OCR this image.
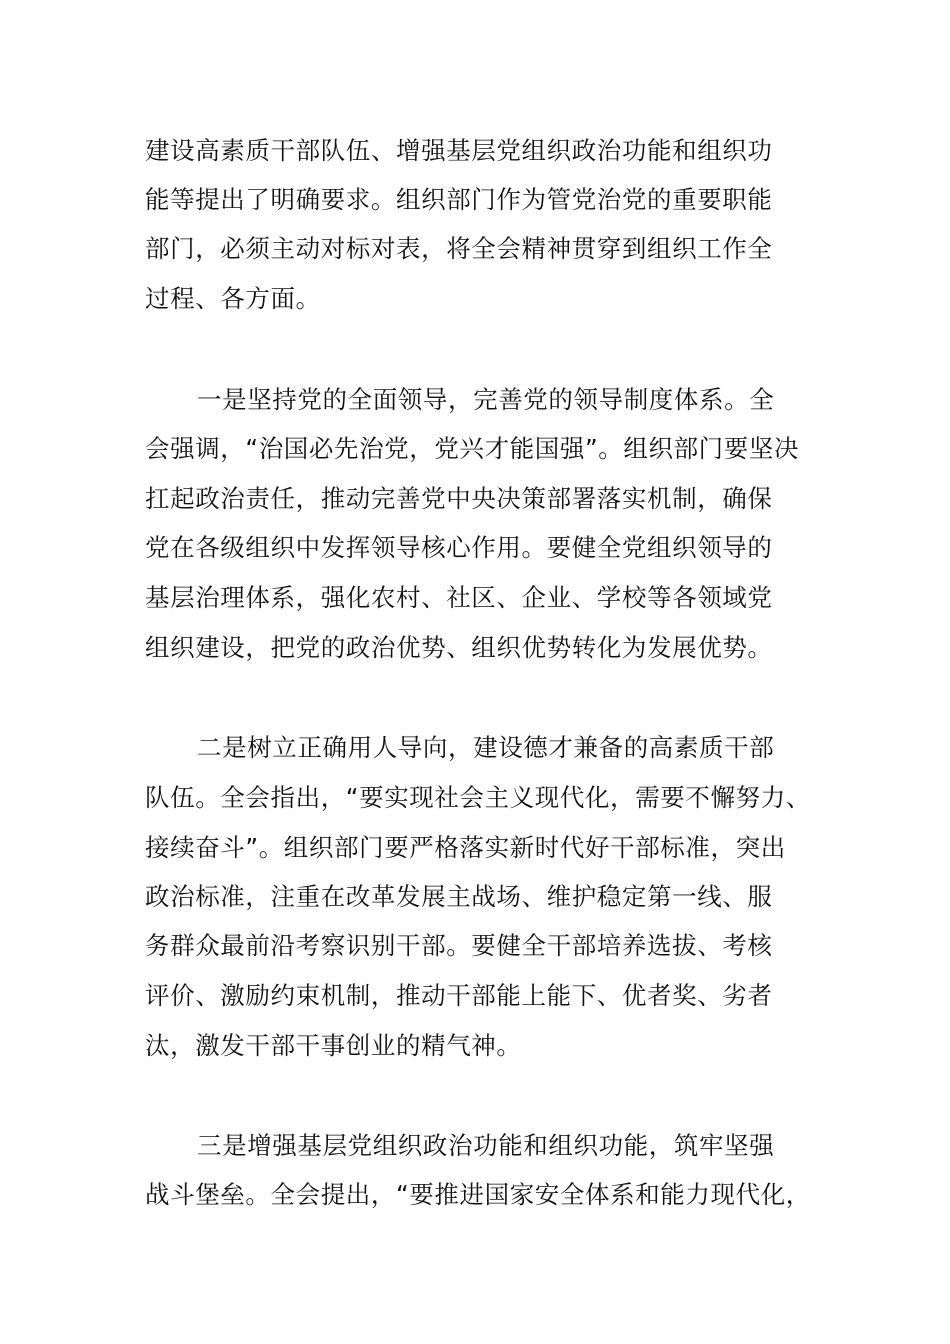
建设高素质干部队伍、增强基层党组织政治功能和组织功
能等提出了明确要求。组织部门作为管党治党的重要职能
部门，必须主动对标对表，将全会精神贯穿到组织工作全
过程、各方面。
一是坚持党的全面领导，完善党的领导制度体系。全
会强调，“治国必先治党，党兴才能国强”。组织部门要坚决
扛起政治责任，推动完善党中央决策部署落实机制，确保
党在各级组织中发挥领导核心作用。要健全党组织领导的
基层治理体系，强化农村、社区、企业、学校等各领域党
组织建设，把党的政治优势、组织优势转化为发展优势。
二是树立正确用人导向，建设德才兼备的高素质干部
队伍。全会指出，“要实现社会主义现代化，需要不懈努力、
接续奋斗”。组织部门要严格落实新时代好干部标准，突出
政治标准，注重在改革发展主战场、维护稳定第一线、服
务群众最前沿考察识别干部。要健全干部培养选拔、考核
评价、激励约束机制，推动干部能上能下、优者奖、劣者
汰，激发干部干事创业的精气神。
三是增强基层党组织政治功能和组织功能，筑牢坚强
战斗堡垒。全会提出，“要推进国家安全体系和能力现代化，
